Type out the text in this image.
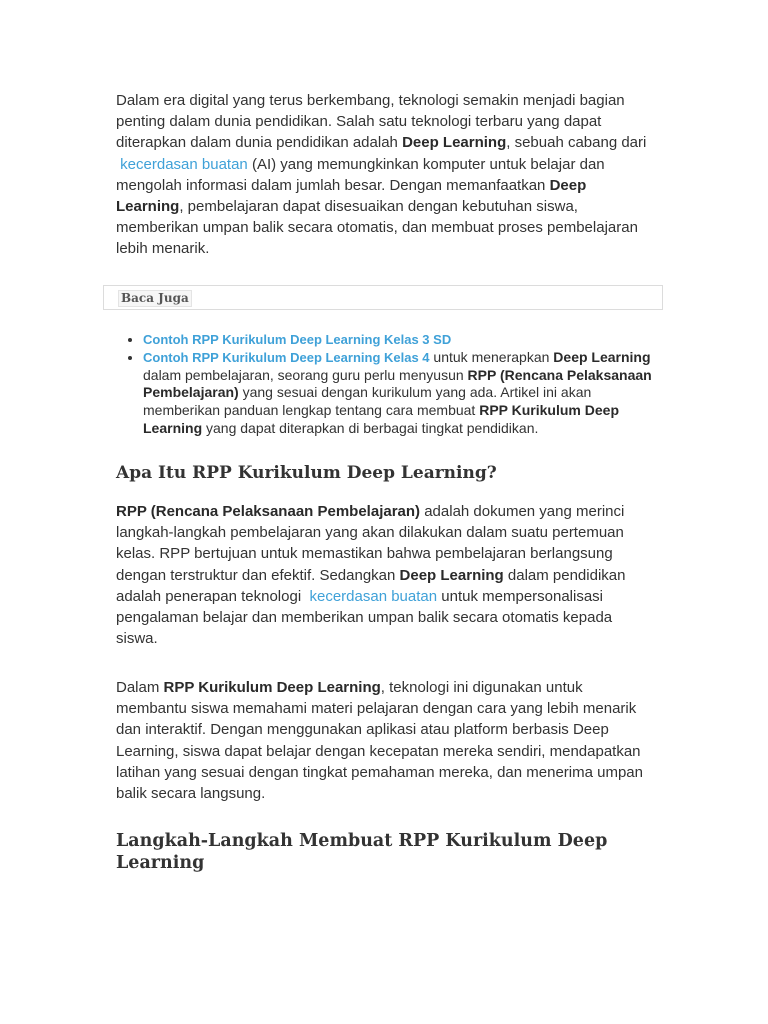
Dalam era digital yang terus berkembang, teknologi semakin menjadi bagian penting dalam dunia pendidikan. Salah satu teknologi terbaru yang dapat diterapkan dalam dunia pendidikan adalah Deep Learning, sebuah cabang dari  kecerdasan buatan (AI) yang memungkinkan komputer untuk belajar dan mengolah informasi dalam jumlah besar. Dengan memanfaatkan Deep Learning, pembelajaran dapat disesuaikan dengan kebutuhan siswa, memberikan umpan balik secara otomatis, dan membuat proses pembelajaran lebih menarik.

Baca Juga
• Contoh RPP Kurikulum Deep Learning Kelas 3 SD
• Contoh RPP Kurikulum Deep Learning Kelas 4 untuk menerapkan Deep Learning dalam pembelajaran, seorang guru perlu menyusun RPP (Rencana Pelaksanaan Pembelajaran) yang sesuai dengan kurikulum yang ada. Artikel ini akan memberikan panduan lengkap tentang cara membuat RPP Kurikulum Deep Learning yang dapat diterapkan di berbagai tingkat pendidikan.
Apa Itu RPP Kurikulum Deep Learning?

RPP (Rencana Pelaksanaan Pembelajaran) adalah dokumen yang merinci langkah-langkah pembelajaran yang akan dilakukan dalam suatu pertemuan kelas. RPP bertujuan untuk memastikan bahwa pembelajaran berlangsung dengan terstruktur dan efektif. Sedangkan Deep Learning dalam pendidikan adalah penerapan teknologi  kecerdasan buatan untuk mempersonalisasi pengalaman belajar dan memberikan umpan balik secara otomatis kepada siswa.

Dalam RPP Kurikulum Deep Learning, teknologi ini digunakan untuk membantu siswa memahami materi pelajaran dengan cara yang lebih menarik dan interaktif. Dengan menggunakan aplikasi atau platform berbasis Deep Learning, siswa dapat belajar dengan kecepatan mereka sendiri, mendapatkan latihan yang sesuai dengan tingkat pemahaman mereka, dan menerima umpan balik secara langsung.

Langkah-Langkah Membuat RPP Kurikulum Deep Learning
